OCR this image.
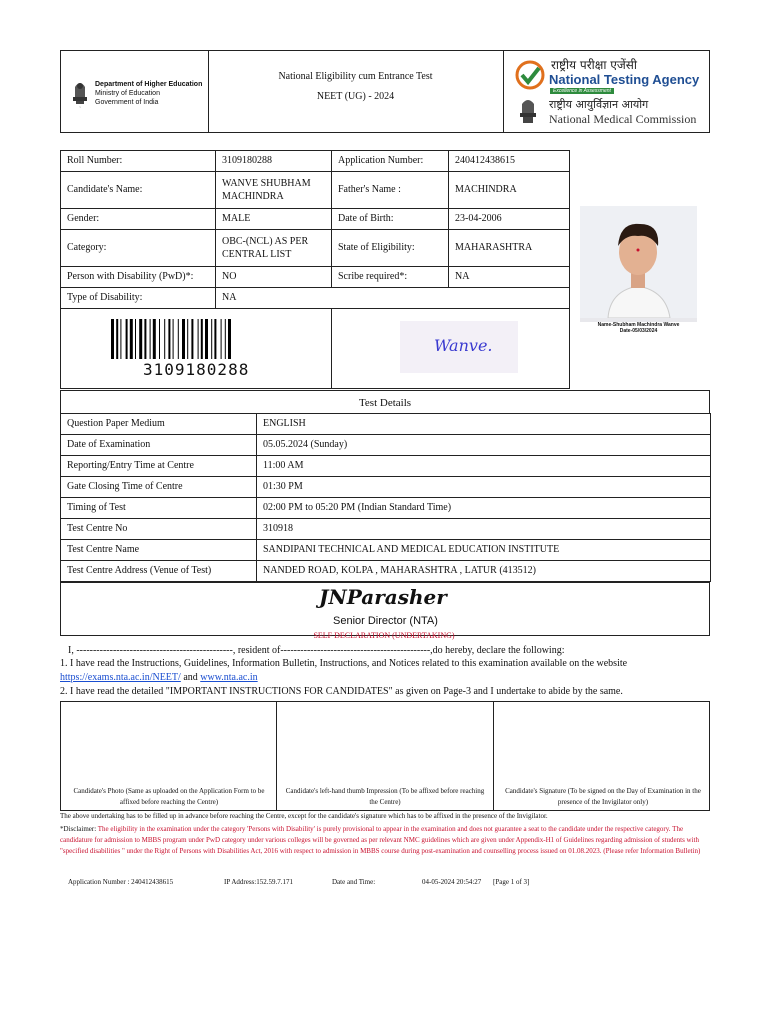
~
Department of Higher Education
Ministry of Education
Government of India
National Eligibility cum Entrance Test
NEET (UG) - 2024
राष्ट्रीय परीक्षा एजेंसी
National Testing Agency
Excellence in Assessment
राष्ट्रीय आयुर्विज्ञान आयोग
National Medical Commission
Roll Number:	3109180288	Application Number:	240412438615	Name-Shubham Machindra Wanve
Date-05/03/2024

Candidate's Name:	WANVE SHUBHAM MACHINDRA	Father's Name :	MACHINDRA	
Gender:	MALE	Date of Birth:	23-04-2006	
Category:	OBC-(NCL) AS PER CENTRAL LIST	State of Eligibility:	MAHARASHTRA	
Person with Disability (PwD)*:	NO	Scribe required*:	NA	
Type of Disability:	NA			

3109180288		Wanve.		
Test Details
Question Paper Medium	ENGLISH
Date of Examination	05.05.2024 (Sunday)
Reporting/Entry Time at Centre	11:00 AM
Gate Closing Time of Centre	01:30 PM
Timing of Test	02:00 PM to 05:20 PM (Indian Standard Time)
Test Centre No	310918
Test Centre Name	SANDIPANI TECHNICAL AND MEDICAL EDUCATION INSTITUTE
Test Centre Address (Venue of Test)	NANDED ROAD, KOLPA , MAHARASHTRA , LATUR (413512)
JNParasher
Senior Director (NTA)
SELF DECLARATION (UNDERTAKING)
I, -----------------------------------------------, resident of---------------------------------------------,do hereby, declare the following:
1. I have read the Instructions, Guidelines, Information Bulletin, Instructions, and Notices related to this examination available on the website
https://exams.nta.ac.in/NEET/ and www.nta.ac.in
2. I have read the detailed "IMPORTANT INSTRUCTIONS FOR CANDIDATES" as given on Page-3 and I undertake to abide by the same.
Candidate's Photo (Same as uploaded on the Application Form to be affixed before reaching the Centre)
Candidate's left-hand thumb Impression (To be affixed before reaching the Centre)
Candidate's Signature (To be signed on the Day of Examination in the presence of the Invigilator only)
The above undertaking has to be filled up in advance before reaching the Centre, except for the candidate's signature which has to be affixed in the presence of the Invigilator.
*Disclaimer: The eligibility in the examination under the category 'Persons with Disability' is purely provisional to appear in the examination and does not guarantee a seat to the candidate under the respective category. The candidature for admission to MBBS program under PwD category under various colleges will be governed as per relevant NMC guidelines which are given under Appendix-H1 of Guidelines regarding admission of students with "specified disabilities " under the Right of Persons with Disabilities Act, 2016 with respect to admission in MBBS course during post-examination and counselling process issued on 01.08.2023. (Please refer Information Bulletin)
Application Number : 240412438615	IP Address:152.59.7.171	Date and Time:	04-05-2024 20:54:27 [Page 1 of 3]
